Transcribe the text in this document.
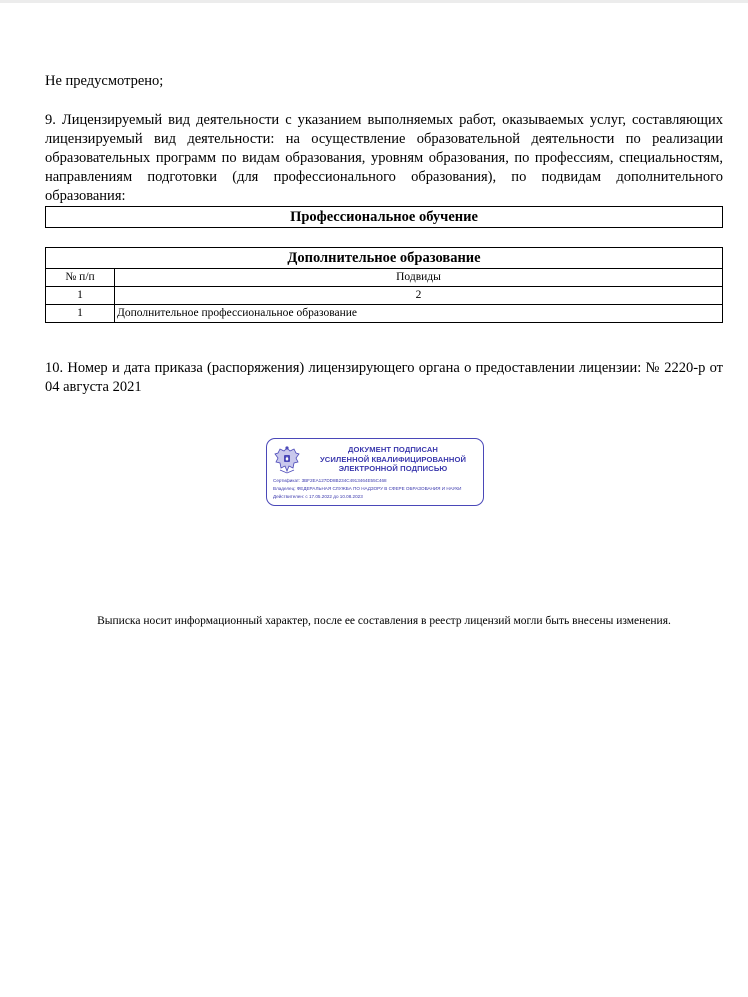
Не предусмотрено;
9. Лицензируемый вид деятельности с указанием выполняемых работ, оказываемых услуг, составляющих лицензируемый вид деятельности: на осуществление образовательной деятельности по реализации образовательных программ по видам образования, уровням образования, по профессиям, специальностям, направлениям подготовки (для профессионального образования), по подвидам дополнительного образования:
Профессиональное обучение
Дополнительное образование	
№ п/п	Подвиды
1	2
1	Дополнительное профессиональное образование
10. Номер и дата приказа (распоряжения) лицензирующего органа о предоставлении лицензии: № 2220-р от 04 августа 2021
ДОКУМЕНТ ПОДПИСАН
УСИЛЕННОЙ КВАЛИФИЦИРОВАННОЙ
ЭЛЕКТРОННОЙ ПОДПИСЬЮ
Сертификат: 3BF2EA127DD8B234C4913464E55C468
Владелец: ФЕДЕРАЛЬНАЯ СЛУЖБА ПО НАДЗОРУ В СФЕРЕ ОБРАЗОВАНИЯ И НАУКИ
Действителен: с 17.05.2022 до 10.08.2023
Выписка носит информационный характер, после ее составления в реестр лицензий могли быть внесены изменения.
